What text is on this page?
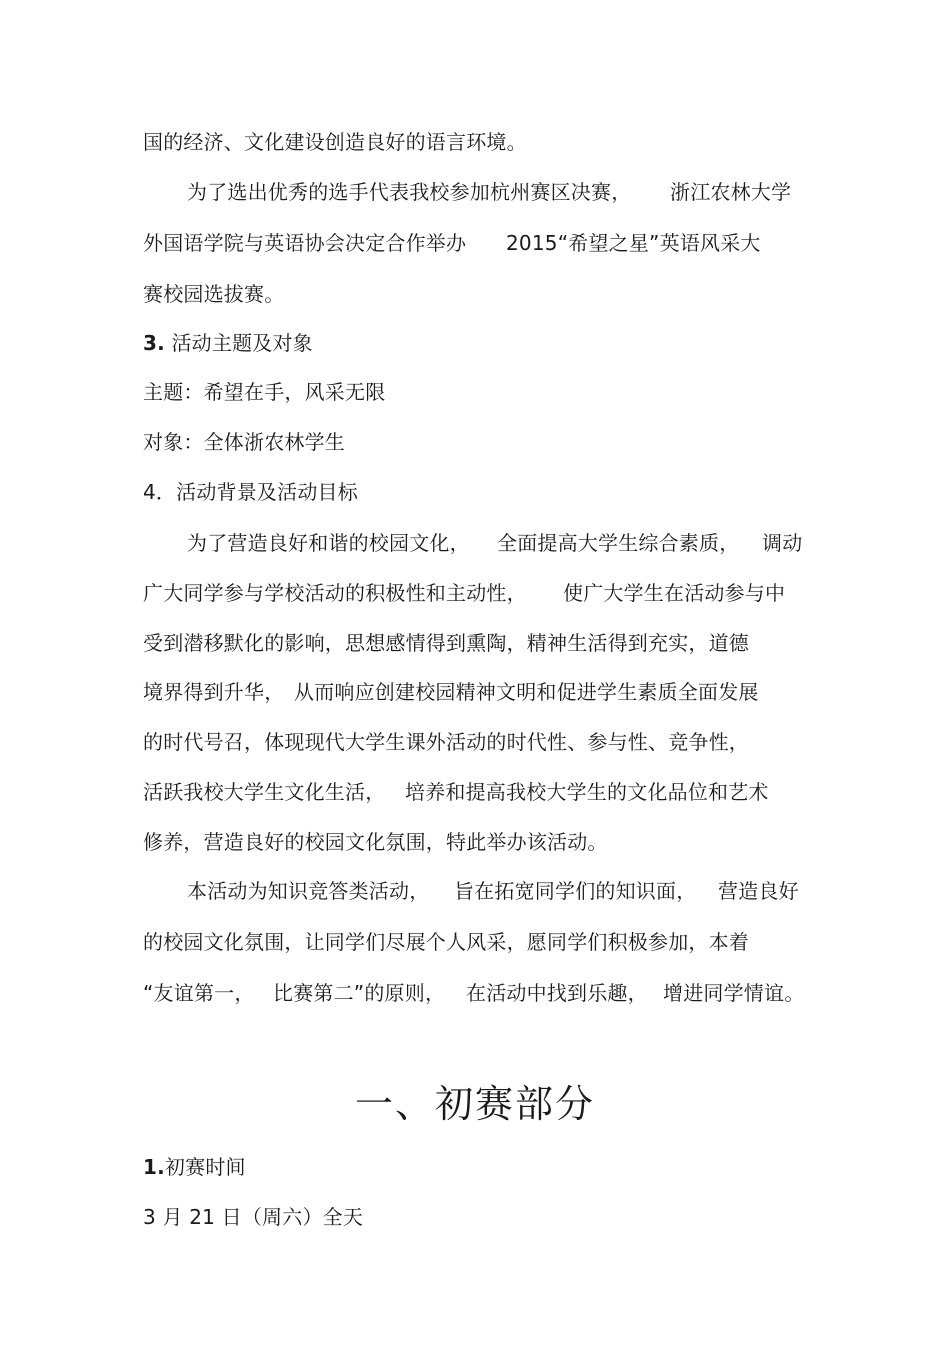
国的经济、文化建设创造良好的语言环境。
为了选出优秀的选手代表我校参加杭州赛区决赛， 浙江农林大学
外国语学院与英语协会决定合作举办 2015“希望之星”英语风采大
赛校园选拔赛。
3. 活动主题及对象
主题：希望在手，风采无限
对象：全体浙农林学生
4．活动背景及活动目标
为了营造良好和谐的校园文化， 全面提高大学生综合素质， 调动
广大同学参与学校活动的积极性和主动性， 使广大学生在活动参与中
受到潜移默化的影响，思想感情得到熏陶，精神生活得到充实，道德
境界得到升华， 从而响应创建校园精神文明和促进学生素质全面发展
的时代号召，体现现代大学生课外活动的时代性、参与性、竞争性，
活跃我校大学生文化生活， 培养和提高我校大学生的文化品位和艺术
修养，营造良好的校园文化氛围，特此举办该活动。
本活动为知识竞答类活动， 旨在拓宽同学们的知识面， 营造良好
的校园文化氛围，让同学们尽展个人风采，愿同学们积极参加，本着
“友谊第一， 比赛第二”的原则， 在活动中找到乐趣， 增进同学情谊。
一、初赛部分
1.初赛时间
3 月 21 日（周六）全天
